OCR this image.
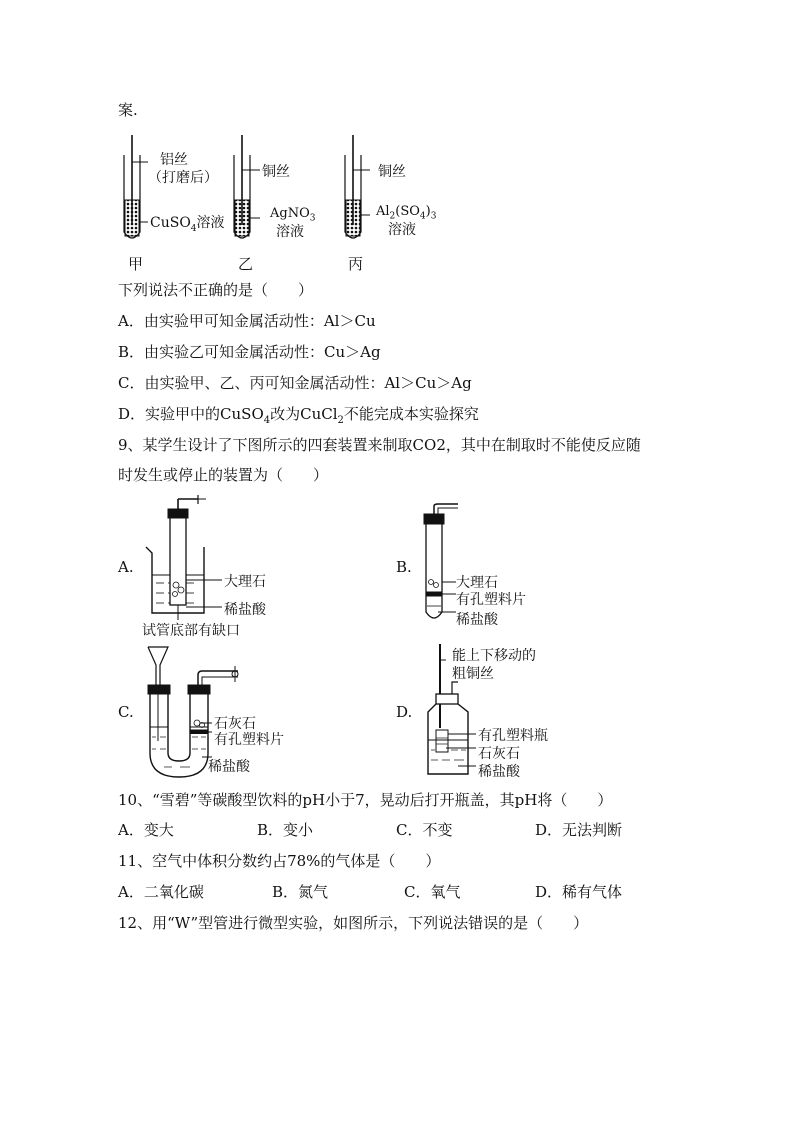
案.
铝丝
（打磨后）
CuSO$_4$溶液
铜丝
AgNO$_3$
溶液
铜丝
$Al_2(SO_4)_3$
溶液
甲	乙	丙
下列说法不正确的是（　　）
A．由实验甲可知金属活动性：Al＞Cu
B．由实验乙可知金属活动性：Cu＞Ag
C．由实验甲、乙、丙可知金属活动性：Al＞Cu＞Ag
D．实验甲中的CuSO$_4$改为CuCl$_2$不能完成本实验探究
9、某学生设计了下图所示的四套装置来制取CO2，其中在制取时不能使反应随
时发生或停止的装置为（　　）
A.
大理石
稀盐酸
试管底部有缺口
B.
大理石
有孔塑料片
稀盐酸
C.
石灰石
有孔塑料片
稀盐酸
D.
能上下移动的
粗铜丝
有孔塑料瓶
石灰石
稀盐酸
10、“雪碧”等碳酸型饮料的pH小于7，晃动后打开瓶盖，其pH将（　　）
A．变大	B．变小	C．不变	D．无法判断
11、空气中体积分数约占78%的气体是（　　）
A．二氧化碳	B．氮气	C．氧气	D．稀有气体
12、用“W”型管进行微型实验，如图所示，下列说法错误的是（　　）
